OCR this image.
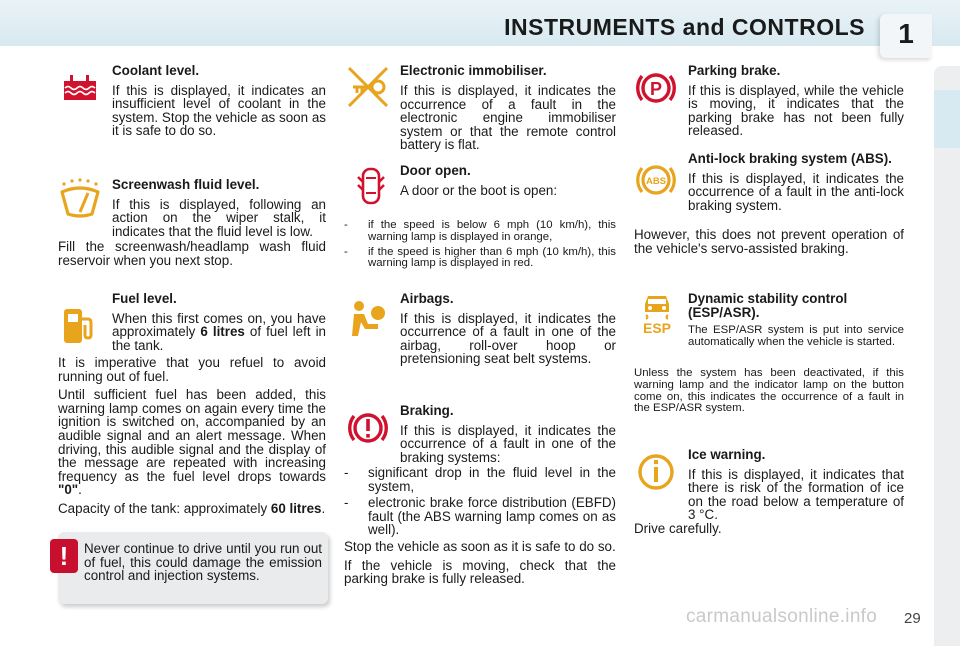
INSTRUMENTS and CONTROLS	1
Coolant level.
If this is displayed, it indicates an insufficient level of coolant in the system. Stop the vehicle as soon as it is safe to do so.
Screenwash fluid level.
If this is displayed, following an action on the wiper stalk, it indicates that the fluid level is low.
Fill the screenwash/headlamp wash fluid reservoir when you next stop.
Fuel level.
When this first comes on, you have approximately 6 litres of fuel left in the tank.
It is imperative that you refuel to avoid running out of fuel.
Until sufficient fuel has been added, this warning lamp comes on again every time the ignition is switched on, accompanied by an audible signal and an alert message. When driving, this audible signal and the display of the message are repeated with increasing frequency as the fuel level drops towards "0".
Capacity of the tank: approximately 60 litres.
!	Never continue to drive until you run out of fuel, this could damage the emission control and injection systems.
Electronic immobiliser.
If this is displayed, it indicates the occurrence of a fault in the electronic engine immobiliser system or that the remote control battery is flat.
Door open.
A door or the boot is open:
- if the speed is below 6 mph (10 km/h), this warning lamp is displayed in orange,
- if the speed is higher than 6 mph (10 km/h), this warning lamp is displayed in red.
Airbags.
If this is displayed, it indicates the occurrence of a fault in one of the airbag, roll-over hoop or pretensioning seat belt systems.
Braking.
If this is displayed, it indicates the occurrence of a fault in one of the braking systems:
- significant drop in the fluid level in the system,
- electronic brake force distribution (EBFD) fault (the ABS warning lamp comes on as well).
Stop the vehicle as soon as it is safe to do so.
If the vehicle is moving, check that the parking brake is fully released.
P
Parking brake.
If this is displayed, while the vehicle is moving, it indicates that the parking brake has not been fully released.
ABS
Anti-lock braking system (ABS).
If this is displayed, it indicates the occurrence of a fault in the anti-lock braking system.
However, this does not prevent operation of the vehicle's servo-assisted braking.
ESP
Dynamic stability control (ESP/ASR).
The ESP/ASR system is put into service automatically when the vehicle is started.
Unless the system has been deactivated, if this warning lamp and the indicator lamp on the button come on, this indicates the occurrence of a fault in the ESP/ASR system.
Ice warning.
If this is displayed, it indicates that there is risk of the formation of ice on the road below a temperature of 3 °C.
Drive carefully.
carmanualsonline.info 29
